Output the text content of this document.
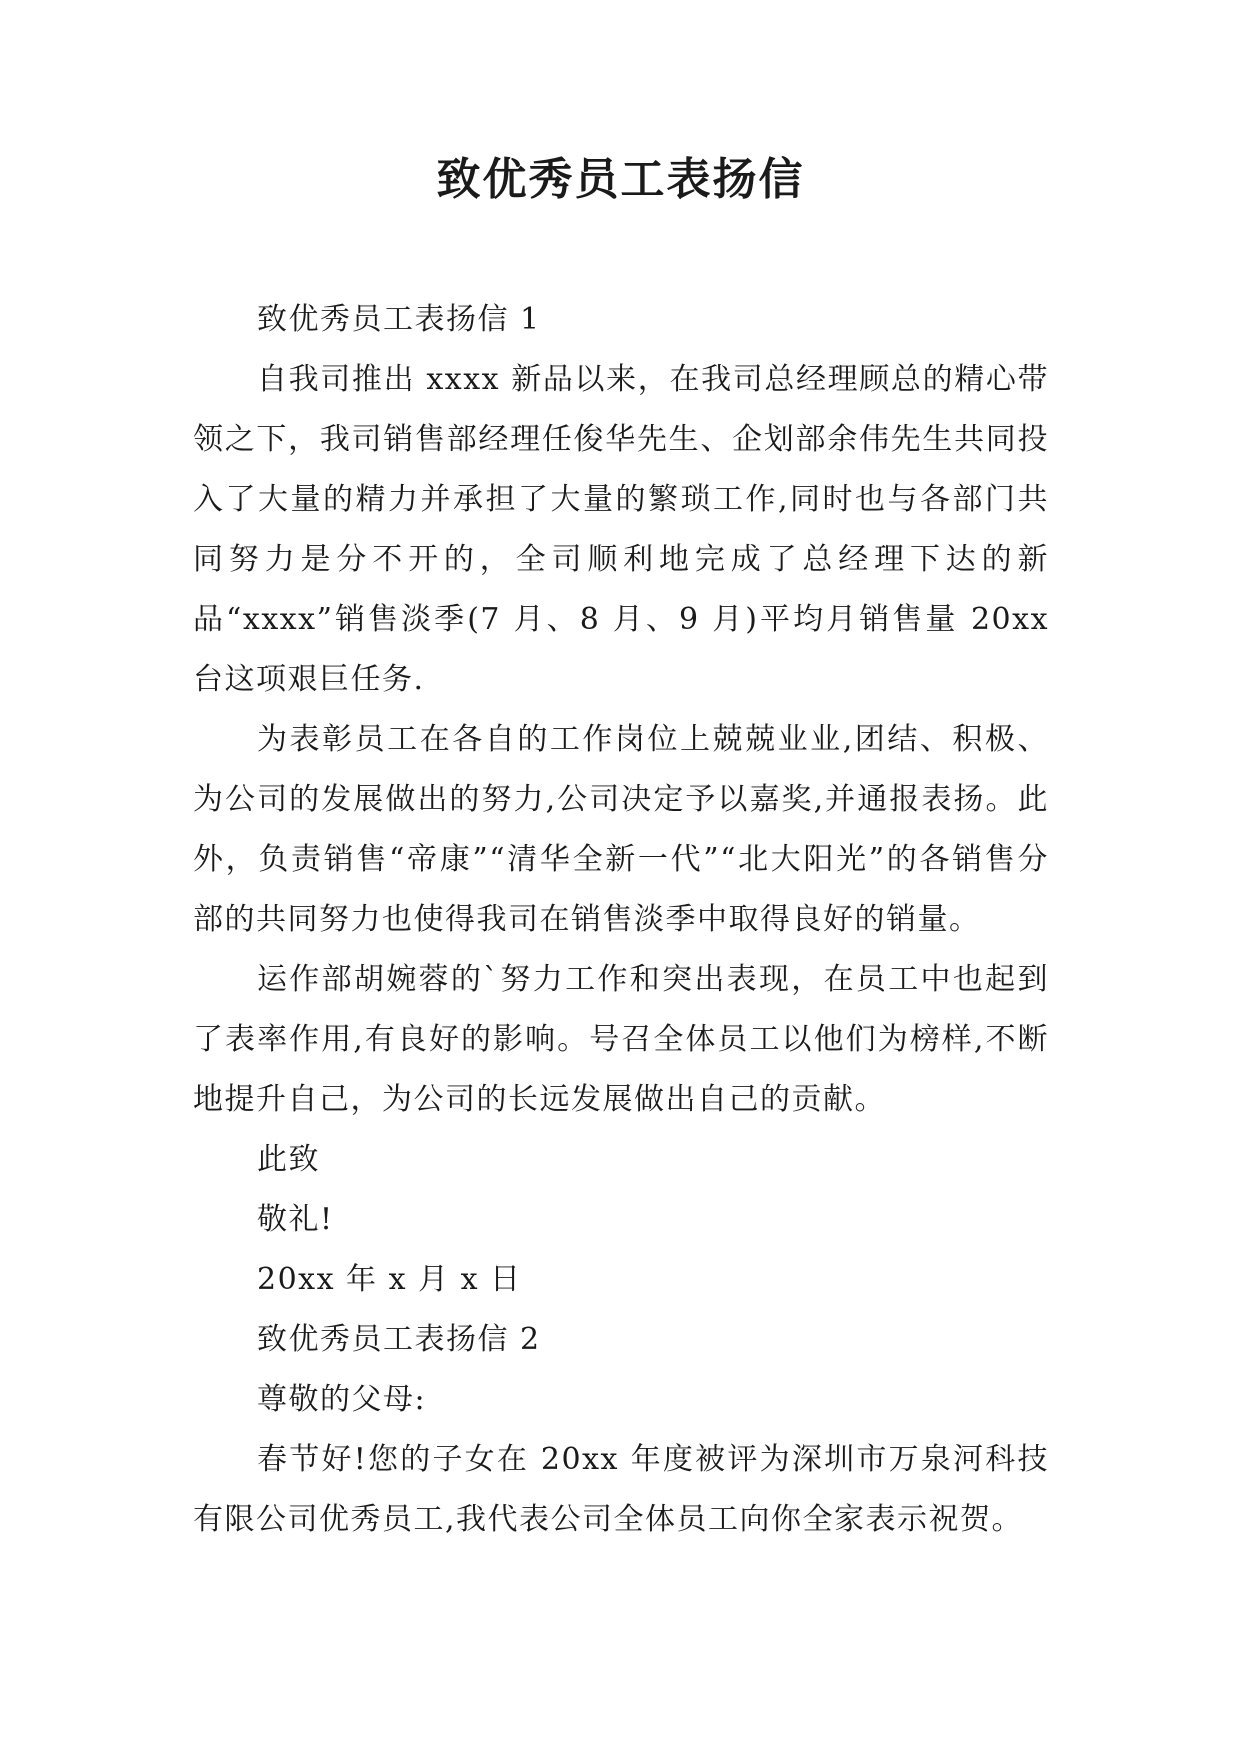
致优秀员工表扬信

致优秀员工表扬信 1

自我司推出 xxxx 新品以来，在我司总经理顾总的精心带领之下，我司销售部经理任俊华先生、企划部余伟先生共同投入了大量的精力并承担了大量的繁琐工作,同时也与各部门共同努力是分不开的，全司顺利地完成了总经理下达的新品“xxxx”销售淡季(7 月、8 月、9 月)平均月销售量 20xx 台这项艰巨任务.

为表彰员工在各自的工作岗位上兢兢业业,团结、积极、为公司的发展做出的努力,公司决定予以嘉奖,并通报表扬。此外，负责销售“帝康”“清华全新一代”“北大阳光”的各销售分部的共同努力也使得我司在销售淡季中取得良好的销量。

运作部胡婉蓉的`努力工作和突出表现，在员工中也起到了表率作用,有良好的影响。号召全体员工以他们为榜样,不断地提升自己，为公司的长远发展做出自己的贡献。

此致

敬礼!

20xx 年 x 月 x 日

致优秀员工表扬信 2

尊敬的父母:

春节好!您的子女在 20xx 年度被评为深圳市万泉河科技有限公司优秀员工,我代表公司全体员工向你全家表示祝贺。
